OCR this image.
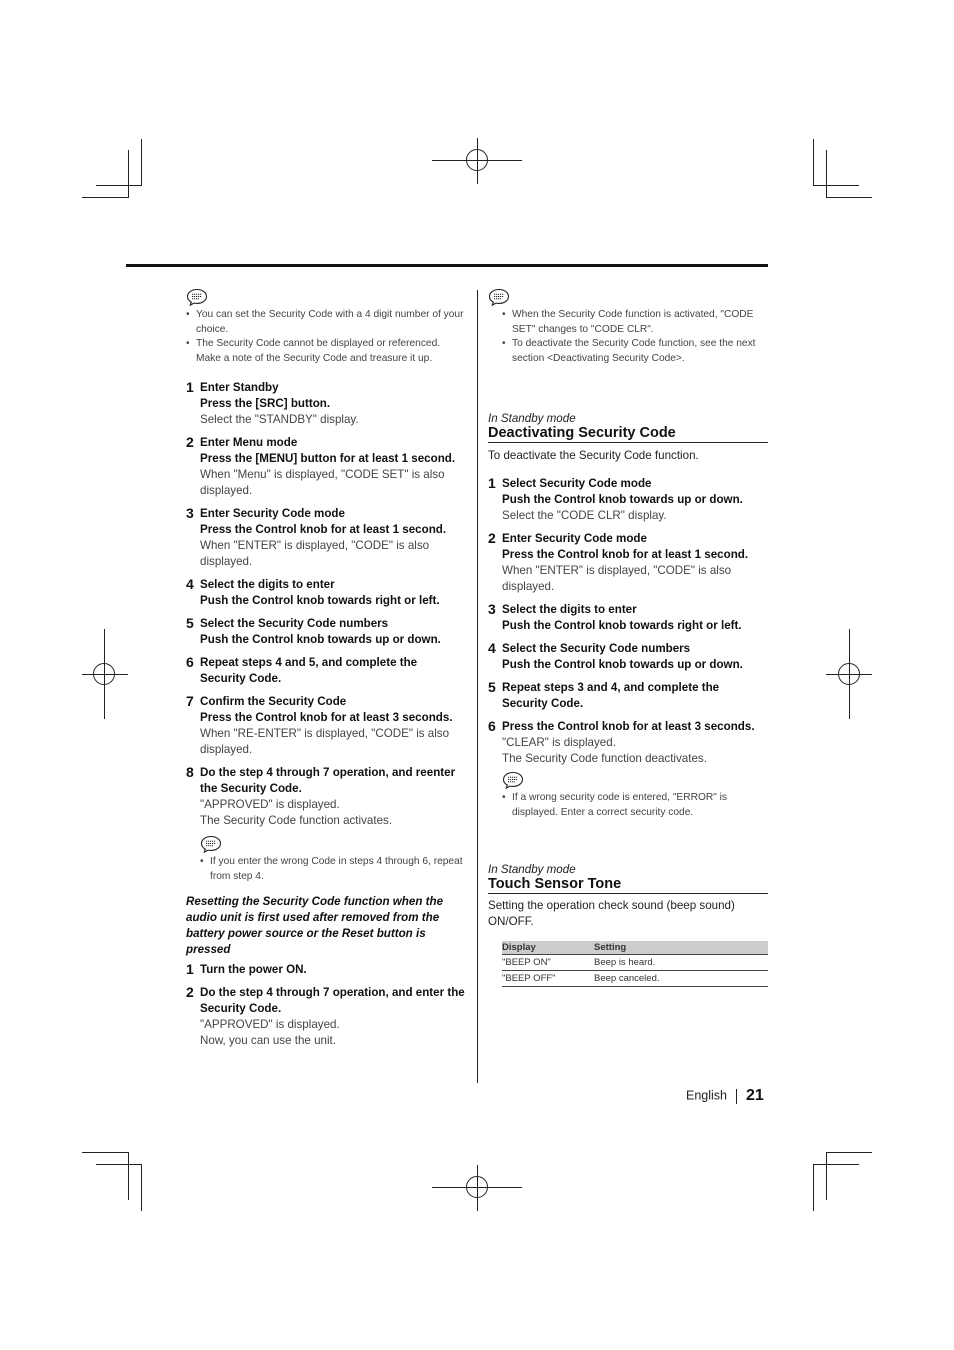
• You can set the Security Code with a 4 digit number of your choice.
• The Security Code cannot be displayed or referenced. Make a note of the Security Code and treasure it up.
1 Enter Standby
Press the [SRC] button.
Select the "STANDBY" display.
2 Enter Menu mode
Press the [MENU] button for at least 1 second.
When "Menu" is displayed, "CODE SET" is also displayed.
3 Enter Security Code mode
Press the Control knob for at least 1 second.
When "ENTER" is displayed, "CODE" is also displayed.
4 Select the digits to enter
Push the Control knob towards right or left.
5 Select the Security Code numbers
Push the Control knob towards up or down.
6 Repeat steps 4 and 5, and complete the Security Code.
7 Confirm the Security Code
Press the Control knob for at least 3 seconds.
When "RE-ENTER" is displayed, "CODE" is also displayed.
8 Do the step 4 through 7 operation, and reenter the Security Code.
"APPROVED" is displayed.
The Security Code function activates.
• If you enter the wrong Code in steps 4 through 6, repeat from step 4.
Resetting the Security Code function when the audio unit is first used after removed from the battery power source or the Reset button is pressed
1 Turn the power ON.
2 Do the step 4 through 7 operation, and enter the Security Code.
"APPROVED" is displayed.
Now, you can use the unit.
• When the Security Code function is activated, "CODE SET" changes to "CODE CLR".
• To deactivate the Security Code function, see the next section <Deactivating Security Code>.
In Standby mode
Deactivating Security Code
To deactivate the Security Code function.
1 Select Security Code mode
Push the Control knob towards up or down.
Select the "CODE CLR" display.
2 Enter Security Code mode
Press the Control knob for at least 1 second.
When "ENTER" is displayed, "CODE" is also displayed.
3 Select the digits to enter
Push the Control knob towards right or left.
4 Select the Security Code numbers
Push the Control knob towards up or down.
5 Repeat steps 3 and 4, and complete the Security Code.
6 Press the Control knob for at least 3 seconds.
"CLEAR" is displayed.
The Security Code function deactivates.
• If a wrong security code is entered, "ERROR" is displayed. Enter a correct security code.
In Standby mode
Touch Sensor Tone
Setting the operation check sound (beep sound) ON/OFF.
Display	Setting
"BEEP ON"	Beep is heard.
"BEEP OFF"	Beep canceled.
English 21
